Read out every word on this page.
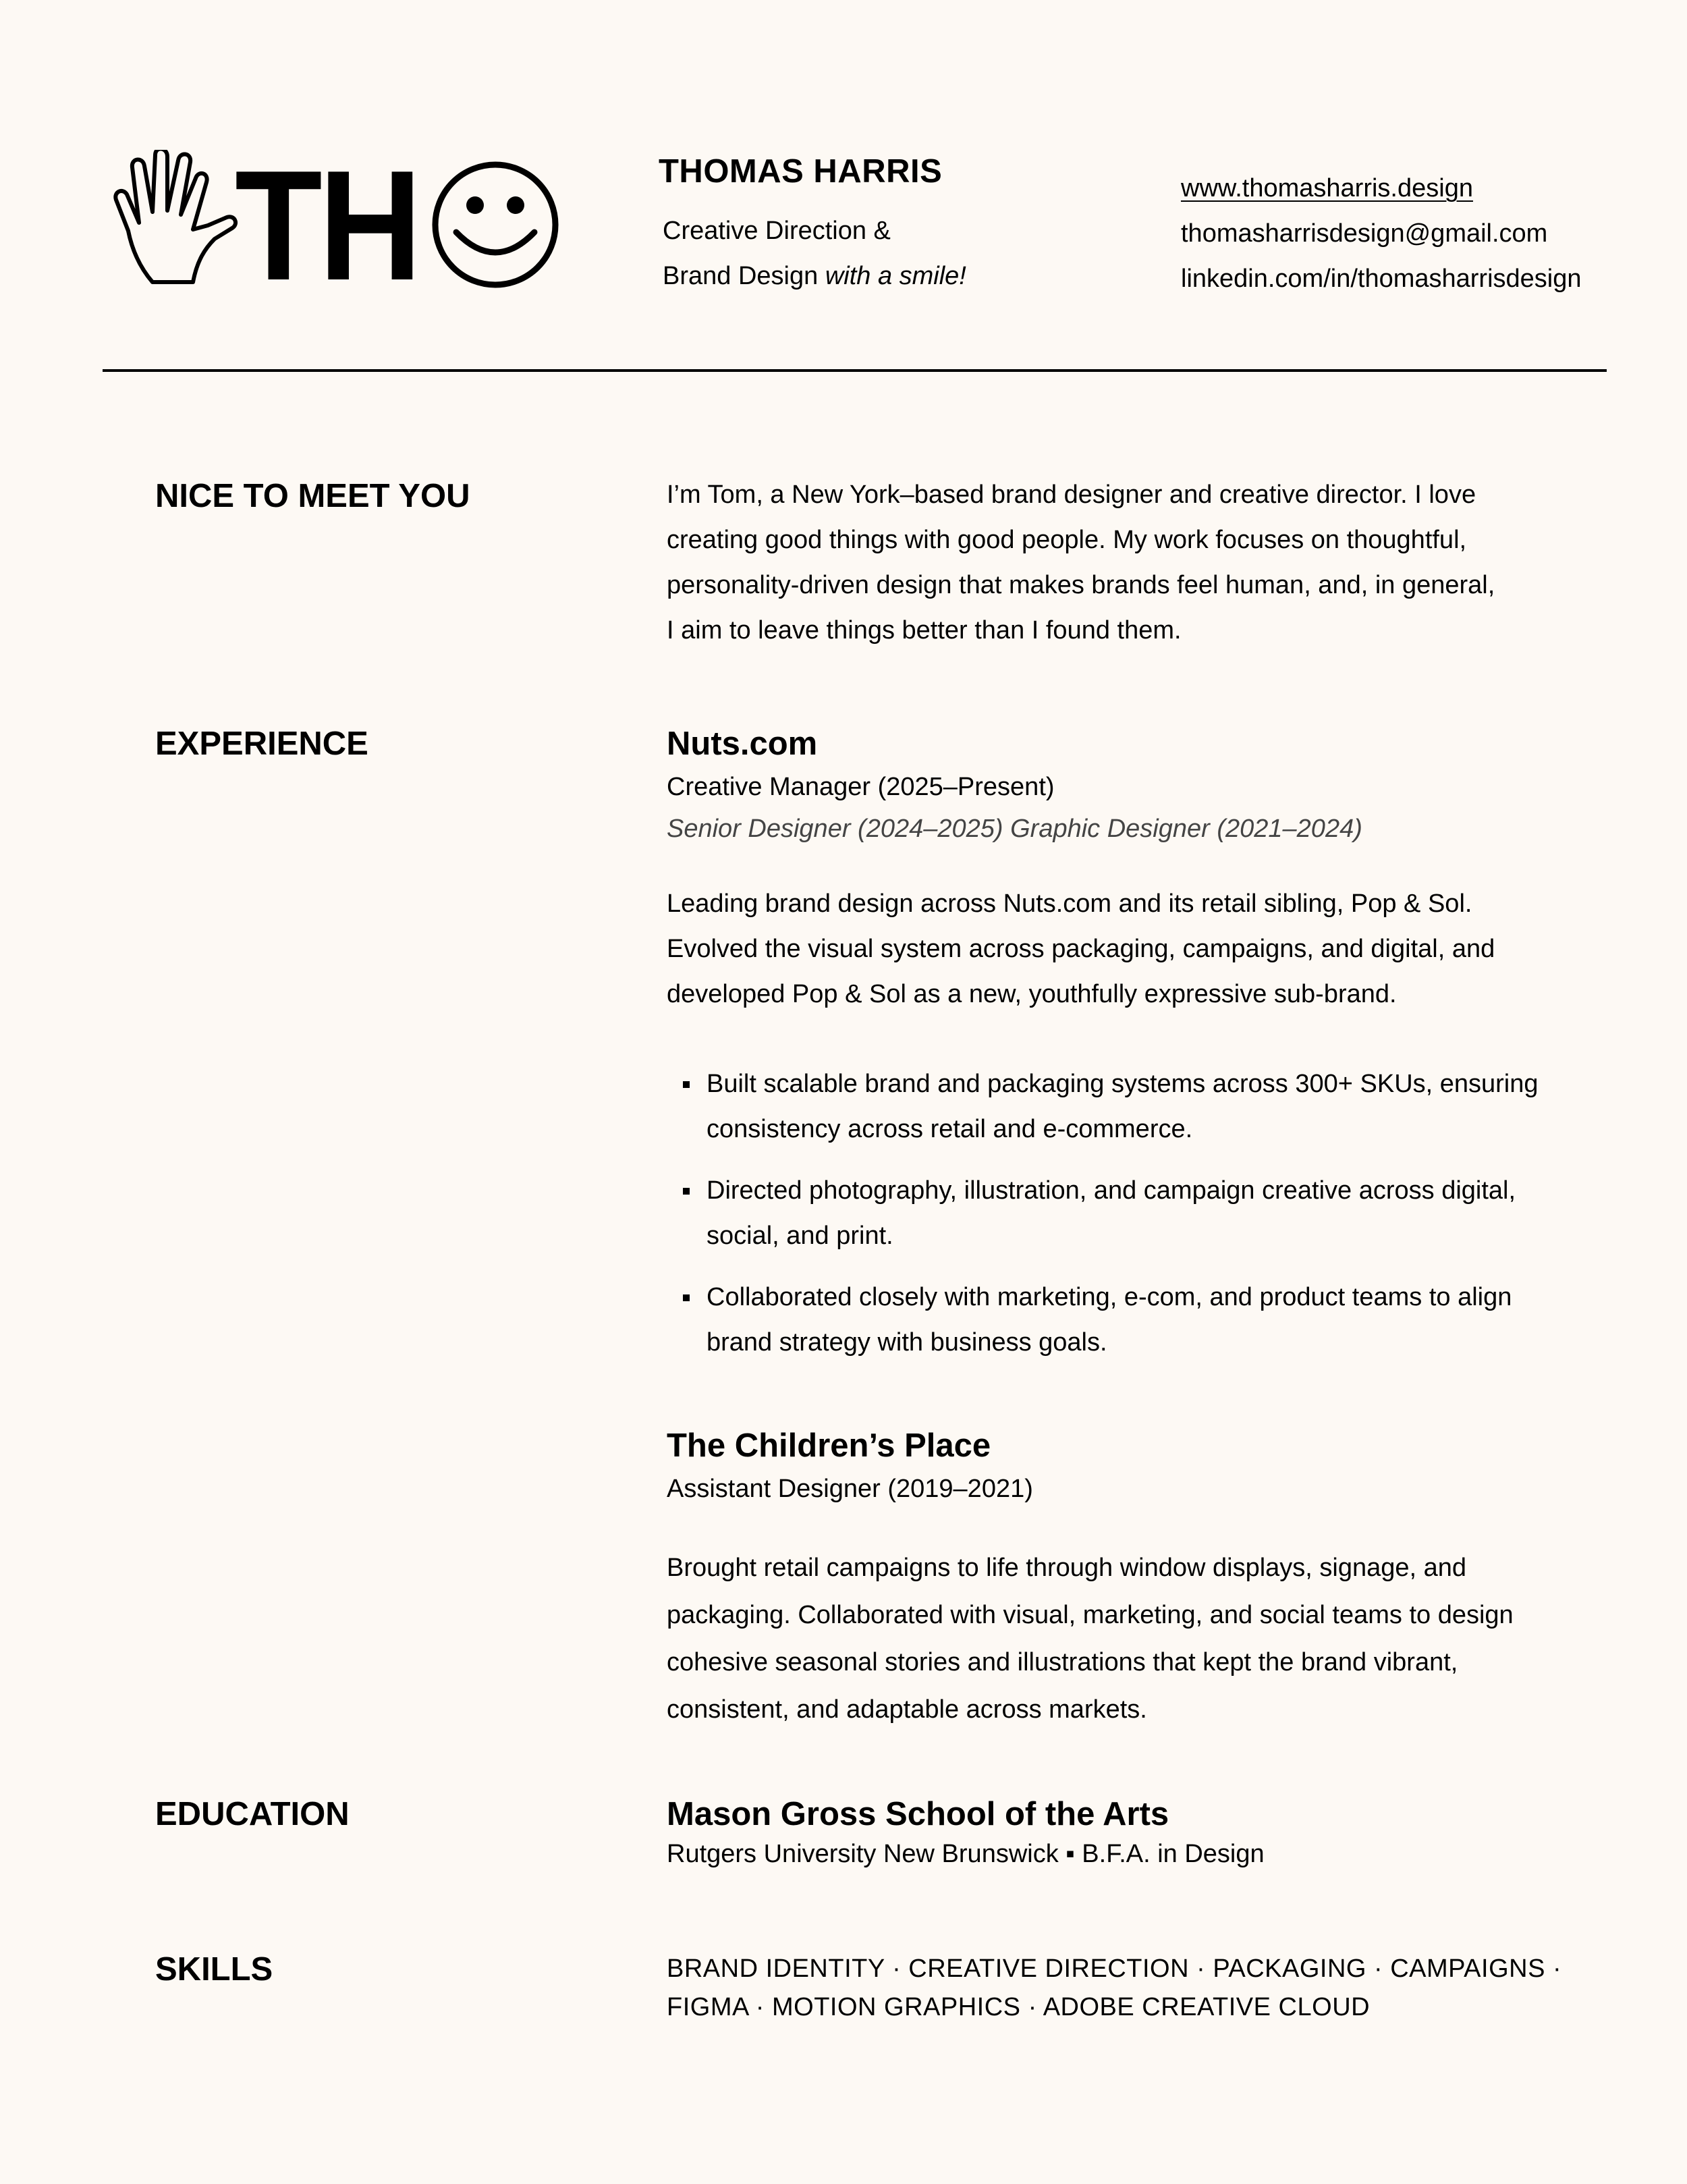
TH	THOMAS HARRIS
Creative Direction &
Brand Design with a smile!
www.thomasharris.design
thomasharrisdesign@gmail.com
linkedin.com/in/thomasharrisdesign
NICE TO MEET YOU	I’m Tom, a New York–based brand designer and creative director. I love
creating good things with good people. My work focuses on thoughtful,
personality-driven design that makes brands feel human, and, in general,
I aim to leave things better than I found them.

EXPERIENCE	Nuts.com
Creative Manager (2025–Present)
Senior Designer (2024–2025) Graphic Designer (2021–2024)

Leading brand design across Nuts.com and its retail sibling, Pop & Sol.
Evolved the visual system across packaging, campaigns, and digital, and
developed Pop & Sol as a new, youthfully expressive sub-brand.

Built scalable brand and packaging systems across 300+ SKUs, ensuring
consistency across retail and e-commerce.
Directed photography, illustration, and campaign creative across digital,
social, and print.
Collaborated closely with marketing, e-com, and product teams to align
brand strategy with business goals.
The Children’s Place
Assistant Designer (2019–2021)

Brought retail campaigns to life through window displays, signage, and
packaging. Collaborated with visual, marketing, and social teams to design
cohesive seasonal stories and illustrations that kept the brand vibrant,
consistent, and adaptable across markets.

EDUCATION	Mason Gross School of the Arts
Rutgers University New Brunswick ▪ B.F.A. in Design
SKILLS	BRAND IDENTITY · CREATIVE DIRECTION · PACKAGING · CAMPAIGNS ·
FIGMA · MOTION GRAPHICS · ADOBE CREATIVE CLOUD
